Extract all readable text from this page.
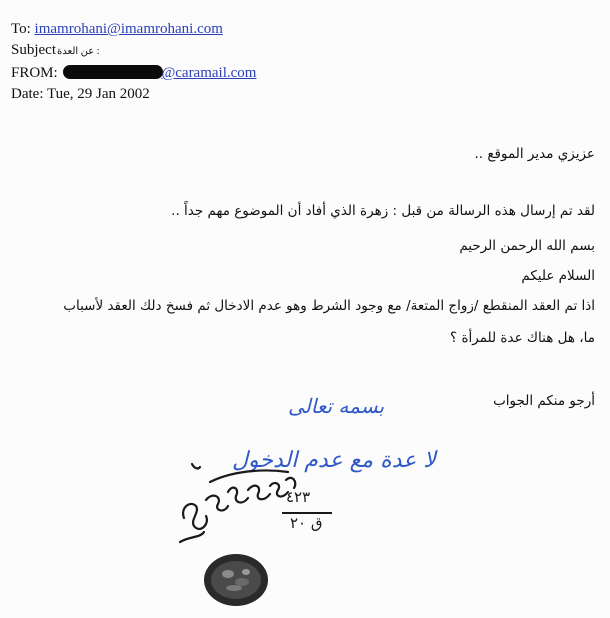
To: imamrohani@imamrohani.com
Subjectعن العدة :
FROM:	@caramail.com
Date: Tue, 29 Jan 2002
عزيزي مدير الموقع ..
لقد تم إرسال هذه الرسالة من قبل : زهرة الذي أفاد أن الموضوع مهم جداً ..
بسم الله الرحمن الرحيم
السلام عليكم
اذا تم العقد المنقطع /زواج المتعة/ مع وجود الشرط وهو عدم الادخال ثم فسخ دلك العقد لأسباب
ما، هل هناك عدة للمرأة ؟
أرجو منكم الجواب
بسمه تعالى
لا عدة مع عدم الدخول
٤٢٣
ق ٢٠
